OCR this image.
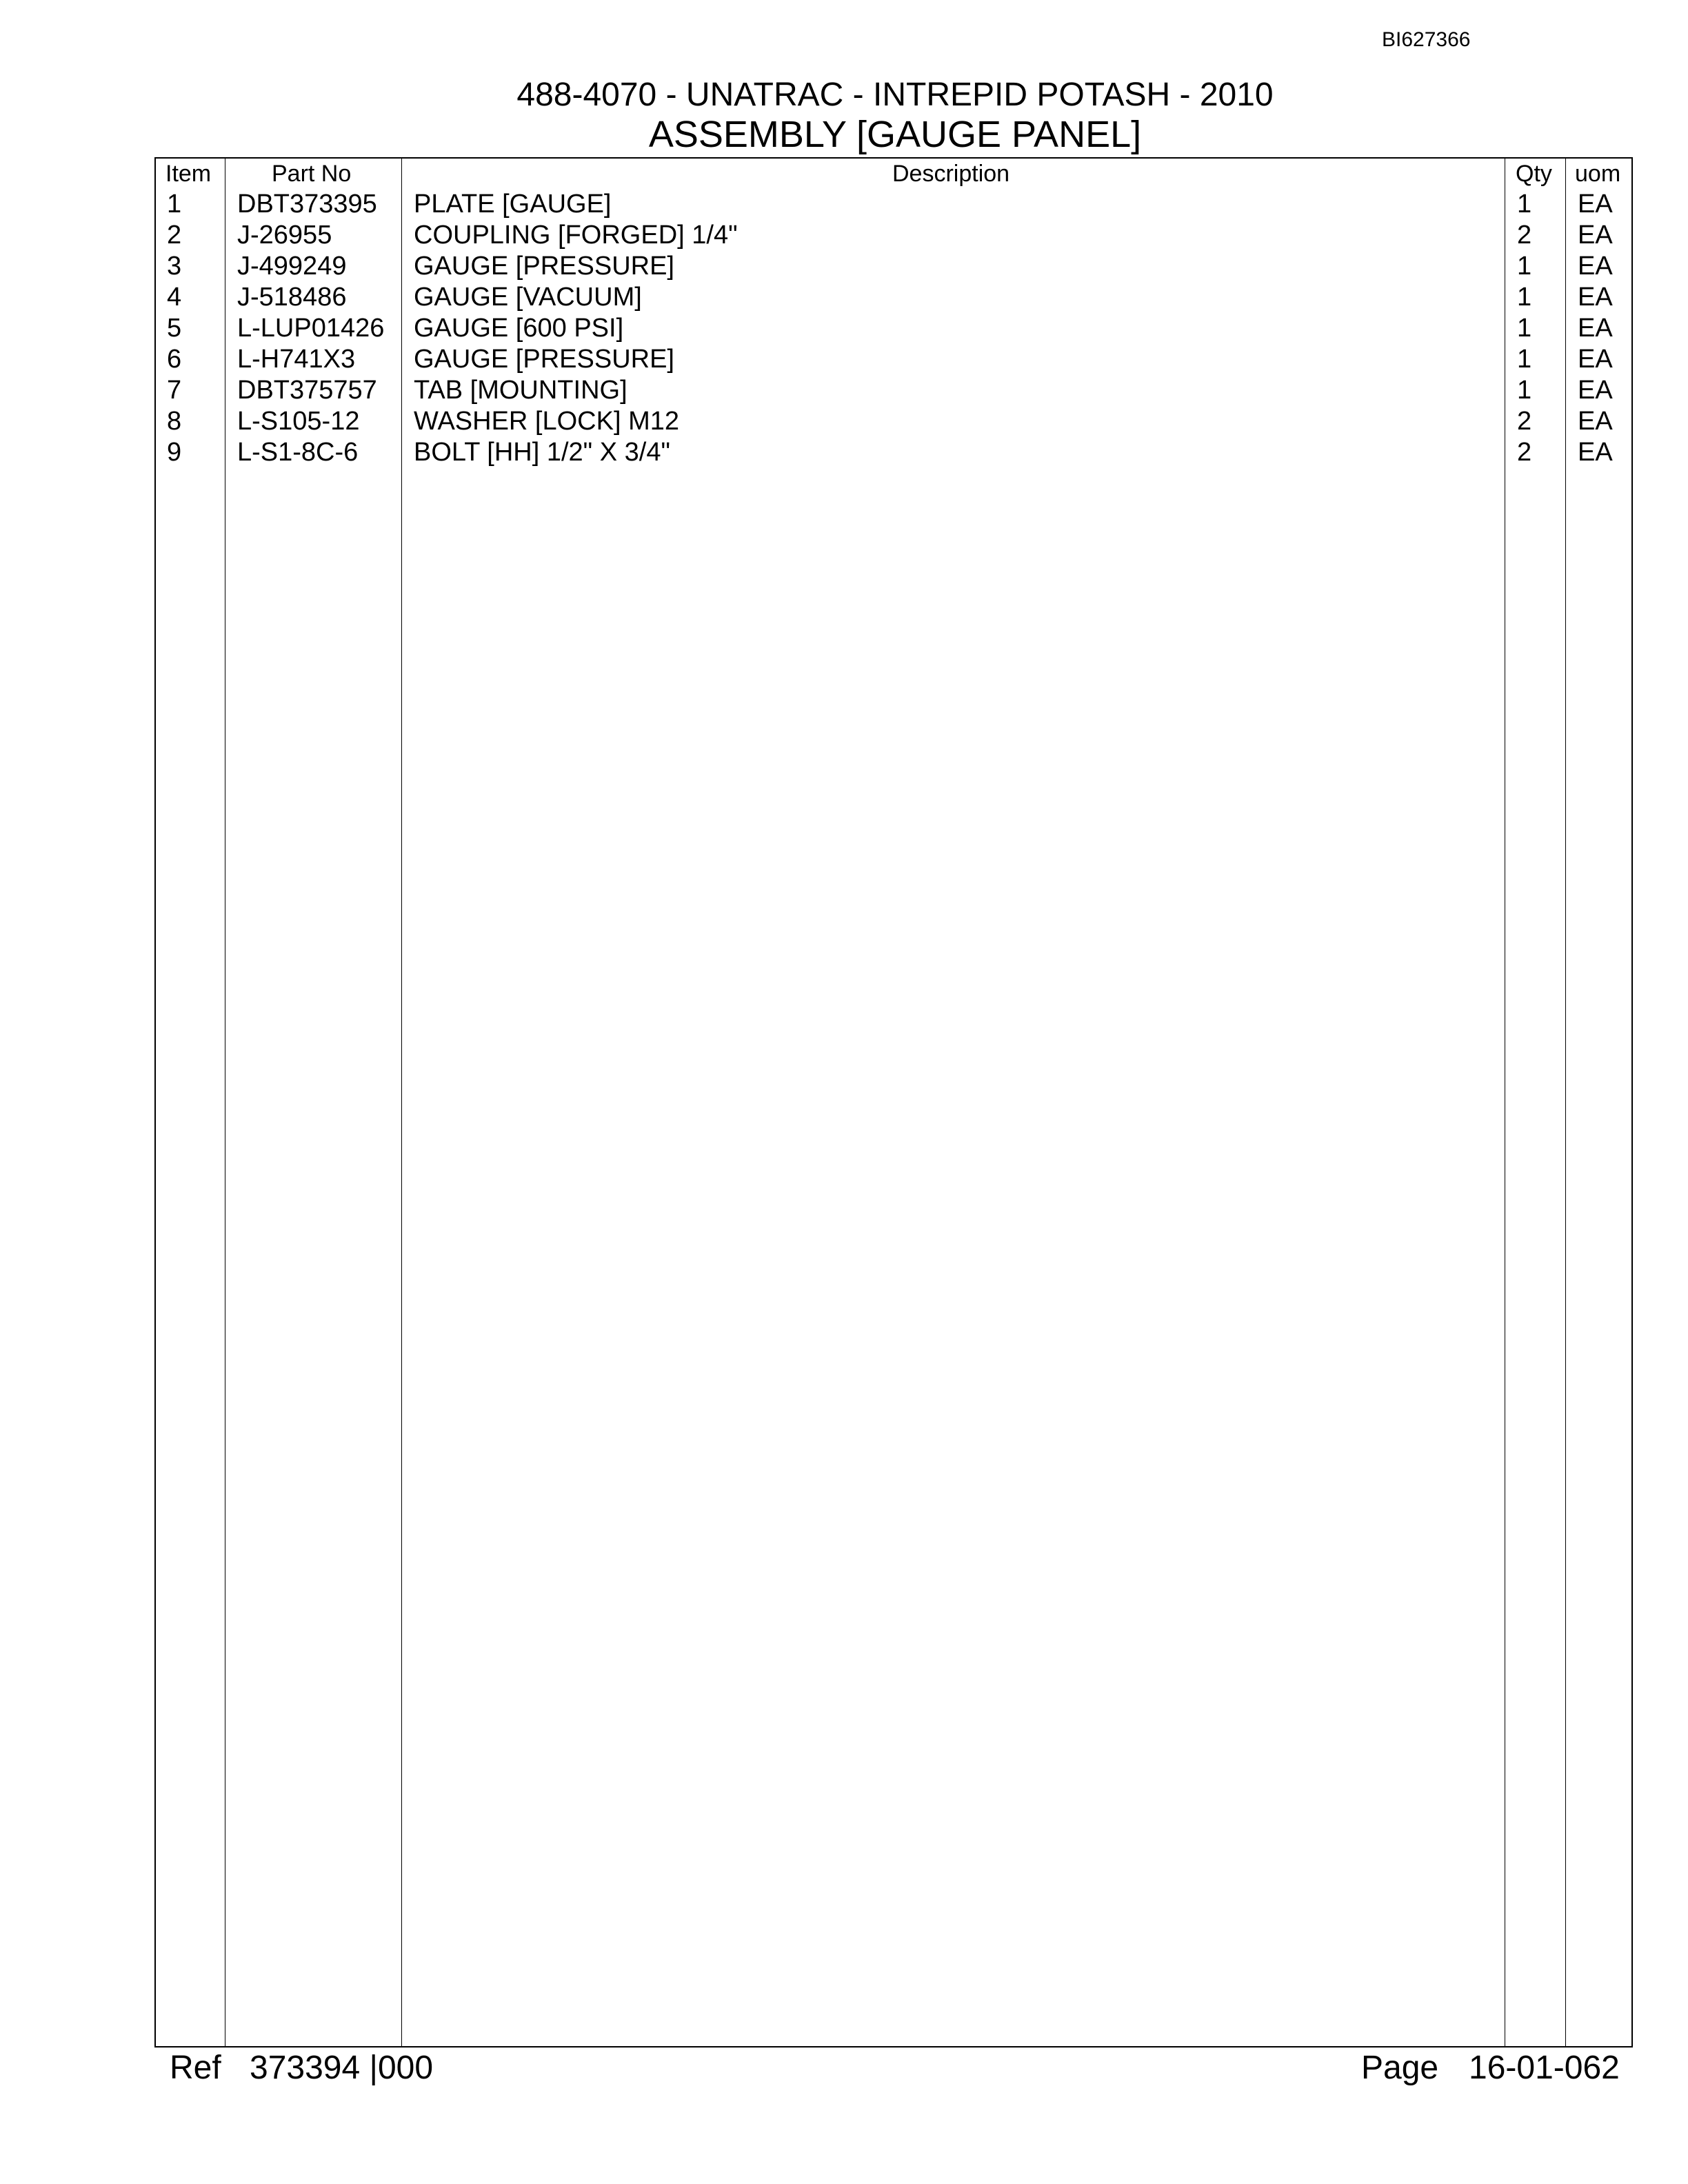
BI627366
488-4070 - UNATRAC - INTREPID POTASH - 2010
ASSEMBLY [GAUGE PANEL]
Item	Part No	Description	Qty uom
1 DBT373395 PLATE [GAUGE]	1 EA
2 J-26955	COUPLING [FORGED] 1/4"	2 EA
3 J-499249	GAUGE [PRESSURE]	1 EA
4 J-518486	GAUGE [VACUUM]	1 EA
5 L-LUP01426 GAUGE [600 PSI]	1 EA
6 L-H741X3 GAUGE [PRESSURE]	1 EA
7 DBT375757 TAB [MOUNTING]	1 EA
8 L-S105-12 WASHER [LOCK] M12	2 EA
9 L-S1-8C-6 BOLT [HH] 1/2" X 3/4"	2 EA
Ref 373394 |000	Page 16-01-062
